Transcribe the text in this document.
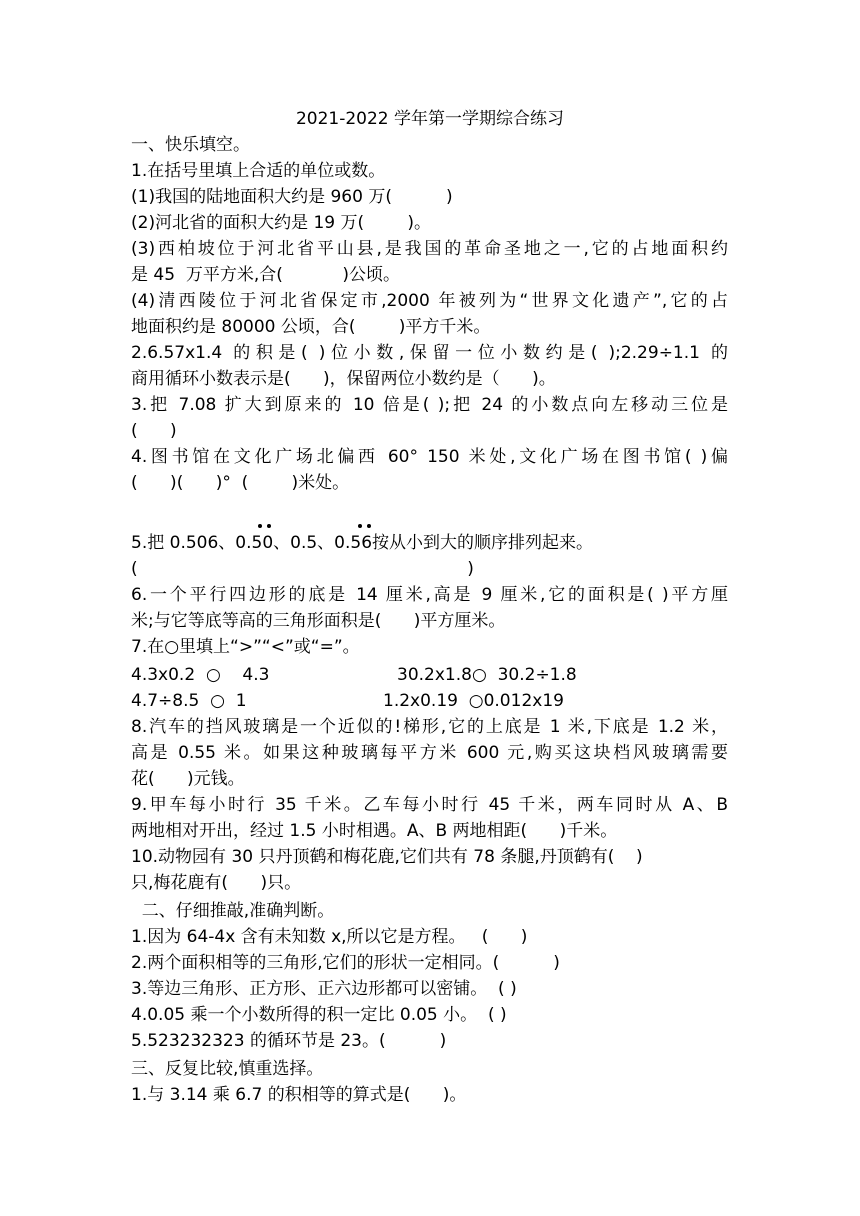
2021-2022 学年第一学期综合练习
一、快乐填空。
1.在括号里填上合适的单位或数。
(1)我国的陆地面积大约是 960 万(          )
(2)河北省的面积大约是 19 万(        )。
(3)西柏坡位于河北省平山县,是我国的革命圣地之一,它的占地面积约
是 45  万平方米,合(           )公顷。
(4)清西陵位于河北省保定市,2000 年被列为“世界文化遗产”,它的占
地面积约是 80000 公顷，合(        )平方千米。
2.6.57x1.4 的积是( )位小数,保留一位小数约是( );2.29÷1.1 的
商用循环小数表示是(      )，保留两位小数约是（      )。
3.把 7.08 扩大到原来的 10 倍是( );把 24 的小数点向左移动三位是
(      )
4.图书馆在文化广场北偏西 60° 150 米处,文化广场在图书馆( )偏
(      )(      )°  (        )米处。
5.把 0.506、0.50、0.5、0.56按从小到大的顺序排列起来。
(                                                             )
6.一个平行四边形的底是 14 厘米,高是 9 厘米,它的面积是( )平方厘
米;与它等底等高的三角形面积是(      )平方厘米。
7.在○里填上“>”“<”或“=”。
4.3x0.2  ○    4.3	30.2x1.8○  30.2÷1.8
4.7÷8.5  ○  1	1.2x0.19  ○0.012x19
8.汽车的挡风玻璃是一个近似的!梯形,它的上底是 1 米,下底是 1.2 米，
高是 0.55 米。如果这种玻璃每平方米 600 元,购买这块档风玻璃需要
花(      )元钱。
9.甲车每小时行 35 千米。乙车每小时行 45 千米，两车同时从 A、B
两地相对开出，经过 1.5 小时相遇。A、B 两地相距(      )千米。
10.动物园有 30 只丹顶鹤和梅花鹿,它们共有 78 条腿,丹顶鹤有(    )
只,梅花鹿有(      )只。
二、仔细推敲,准确判断。
1.因为 64-4x 含有未知数 x,所以它是方程。   (      )
2.两个面积相等的三角形,它们的形状一定相同。(          )
3.等边三角形、正方形、正六边形都可以密铺。  ( )
4.0.05 乘一个小数所得的积一定比 0.05 小。  ( )
5.523232323 的循环节是 23。(          )
三、反复比较,慎重选择。
1.与 3.14 乘 6.7 的积相等的算式是(      )。
